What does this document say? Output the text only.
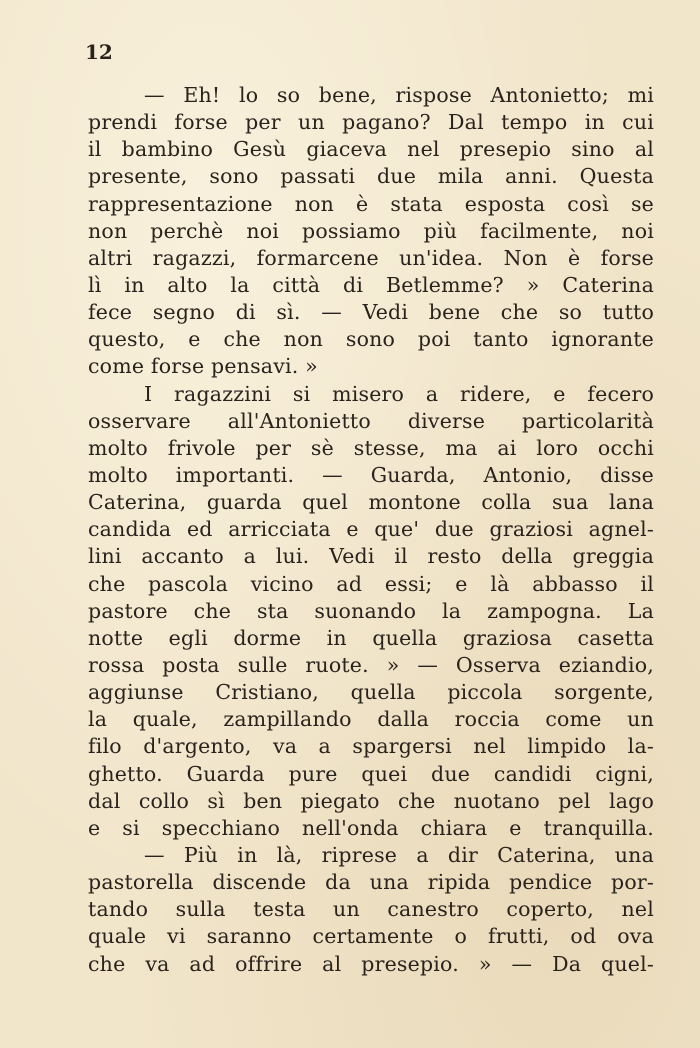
12

— Eh! lo so bene, rispose Antonietto; mi
prendi forse per un pagano? Dal tempo in cui
il bambino Gesù giaceva nel presepio sino al
presente, sono passati due mila anni. Questa
rappresentazione non è stata esposta così se
non perchè noi possiamo più facilmente, noi
altri ragazzi, formarcene un'idea. Non è forse
lì in alto la città di Betlemme? » Caterina
fece segno di sì. — Vedi bene che so tutto
questo, e che non sono poi tanto ignorante
come forse pensavi. »
I ragazzini si misero a ridere, e fecero
osservare all'Antonietto diverse particolarità
molto frivole per sè stesse, ma ai loro occhi
molto importanti. — Guarda, Antonio, disse
Caterina, guarda quel montone colla sua lana
candida ed arricciata e que' due graziosi agnel-
lini accanto a lui. Vedi il resto della greggia
che pascola vicino ad essi; e là abbasso il
pastore che sta suonando la zampogna. La
notte egli dorme in quella graziosa casetta
rossa posta sulle ruote. » — Osserva eziandio,
aggiunse Cristiano, quella piccola sorgente,
la quale, zampillando dalla roccia come un
filo d'argento, va a spargersi nel limpido la-
ghetto. Guarda pure quei due candidi cigni,
dal collo sì ben piegato che nuotano pel lago
e si specchiano nell'onda chiara e tranquilla.
— Più in là, riprese a dir Caterina, una
pastorella discende da una ripida pendice por-
tando sulla testa un canestro coperto, nel
quale vi saranno certamente o frutti, od ova
che va ad offrire al presepio. » — Da quel-
